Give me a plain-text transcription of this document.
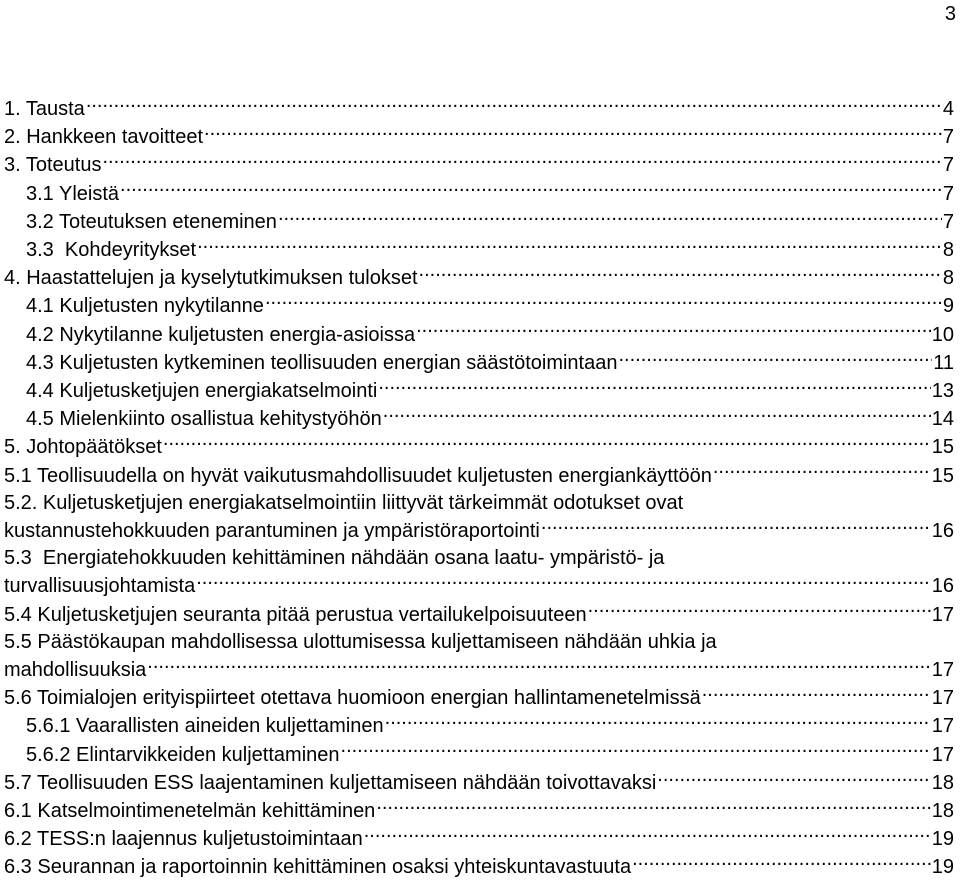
3
1. Tausta .....	4
2. Hankkeen tavoitteet .....	7
3. Toteutus .....	7
3.1 Yleistä .....	7
3.2 Toteutuksen eteneminen .....	7
3.3  Kohdeyritykset .....	8
4. Haastattelujen ja kyselytutkimuksen tulokset .....	8
4.1 Kuljetusten nykytilanne .....	9
4.2 Nykytilanne kuljetusten energia-asioissa .....	10
4.3 Kuljetusten kytkeminen teollisuuden energian säästötoimintaan .....	11
4.4 Kuljetusketjujen energiakatselmointi .....	13
4.5 Mielenkiinto osallistua kehitystyöhön .....	14
5. Johtopäätökset .....	15
5.1 Teollisuudella on hyvät vaikutusmahdollisuudet kuljetusten energiankäyttöön .....	15
5.2. Kuljetusketjujen energiakatselmointiin liittyvät tärkeimmät odotukset ovat
kustannustehokkuuden parantuminen ja ympäristöraportointi .....	16
5.3  Energiatehokkuuden kehittäminen nähdään osana laatu- ympäristö- ja
turvallisuusjohtamista .....	16
5.4 Kuljetusketjujen seuranta pitää perustua vertailukelpoisuuteen .....	17
5.5 Päästökaupan mahdollisessa ulottumisessa kuljettamiseen nähdään uhkia ja
mahdollisuuksia .....	17
5.6 Toimialojen erityispiirteet otettava huomioon energian hallintamenetelmissä .....	17
5.6.1 Vaarallisten aineiden kuljettaminen .....	17
5.6.2 Elintarvikkeiden kuljettaminen .....	17
5.7 Teollisuuden ESS laajentaminen kuljettamiseen nähdään toivottavaksi .....	18
6.1 Katselmointimenetelmän kehittäminen .....	18
6.2 TESS:n laajennus kuljetustoimintaan .....	19
6.3 Seurannan ja raportoinnin kehittäminen osaksi yhteiskuntavastuuta .....	19
